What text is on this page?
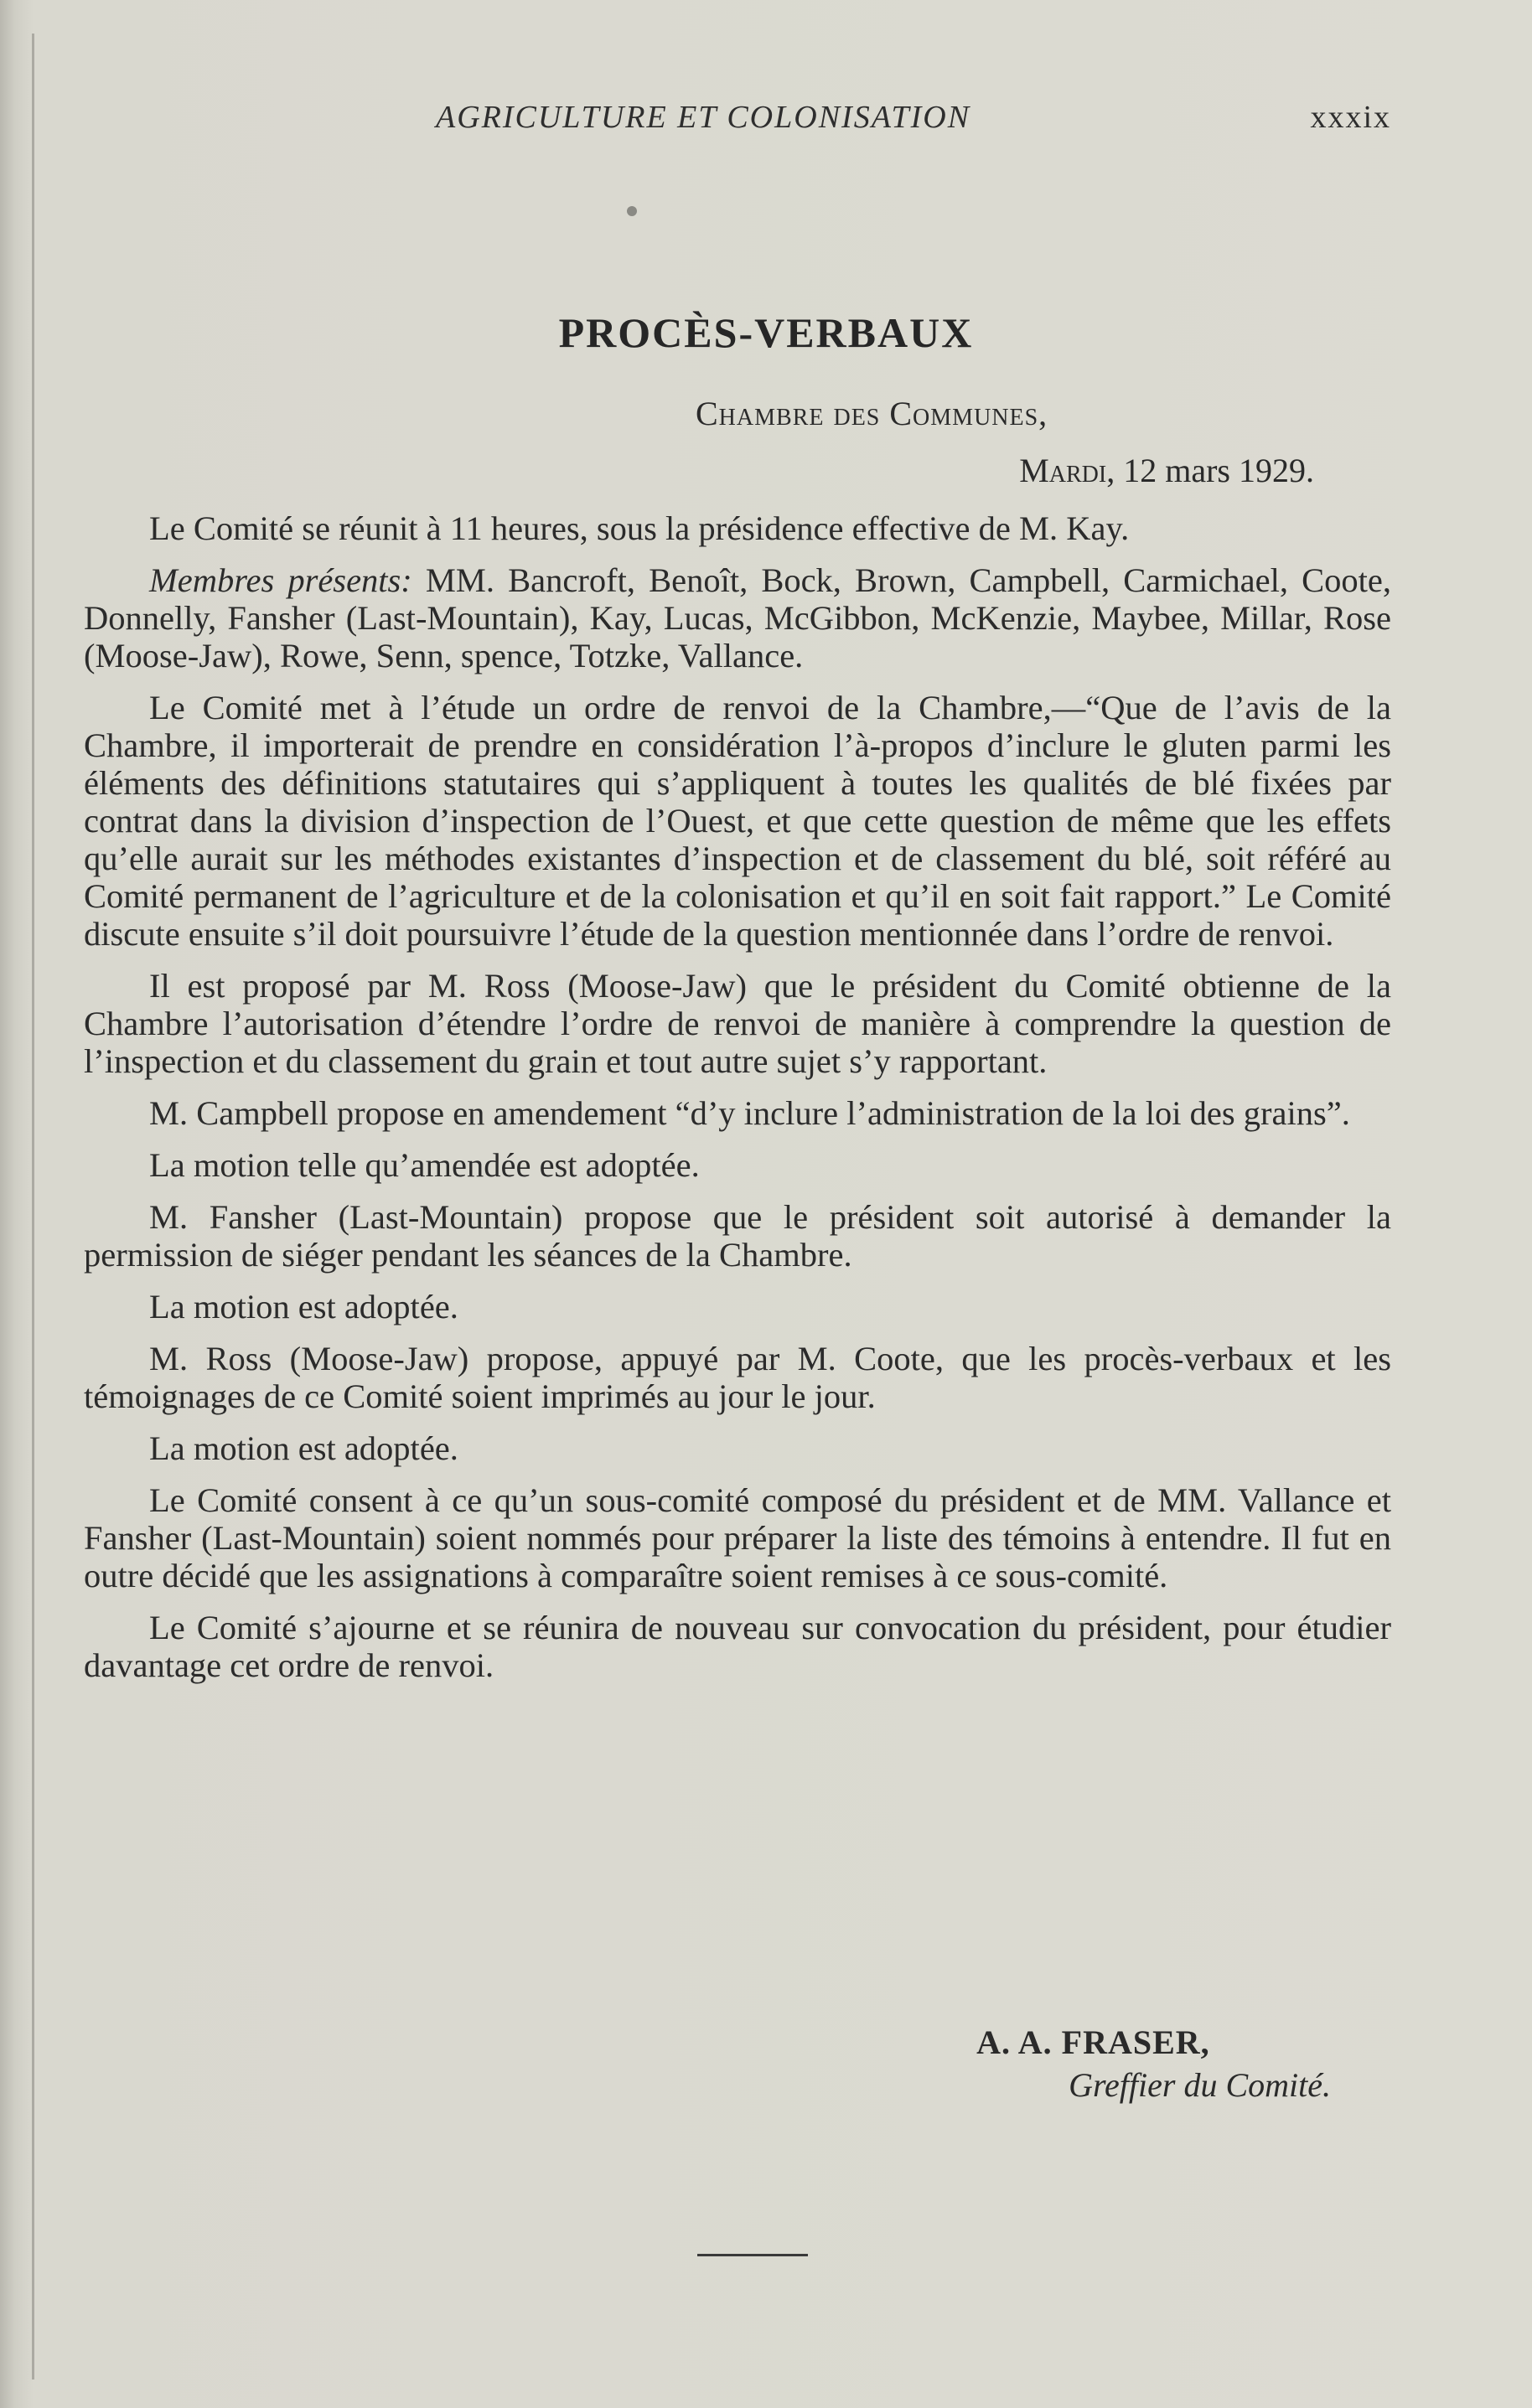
AGRICULTURE ET COLONISATION	xxxix
PROCÈS-VERBAUX
Chambre des Communes,
Mardi, 12 mars 1929.

Le Comité se réunit à 11 heures, sous la présidence effective de M. Kay.

Membres présents: MM. Bancroft, Benoît, Bock, Brown, Campbell, Carmichael, Coote, Donnelly, Fansher (Last-Mountain), Kay, Lucas, McGibbon, McKenzie, Maybee, Millar, Rose (Moose-Jaw), Rowe, Senn, spence, Totzke, Vallance.

Le Comité met à l’étude un ordre de renvoi de la Chambre,—“Que de l’avis de la Chambre, il importerait de prendre en considération l’à-propos d’inclure le gluten parmi les éléments des définitions statutaires qui s’appliquent à toutes les qualités de blé fixées par contrat dans la division d’inspection de l’Ouest, et que cette question de même que les effets qu’elle aurait sur les méthodes existantes d’inspection et de classement du blé, soit référé au Comité permanent de l’agriculture et de la colonisation et qu’il en soit fait rapport.” Le Comité discute ensuite s’il doit poursuivre l’étude de la question mentionnée dans l’ordre de renvoi.

Il est proposé par M. Ross (Moose-Jaw) que le président du Comité obtienne de la Chambre l’autorisation d’étendre l’ordre de renvoi de manière à comprendre la question de l’inspection et du classement du grain et tout autre sujet s’y rapportant.

M. Campbell propose en amendement “d’y inclure l’administration de la loi des grains”.

La motion telle qu’amendée est adoptée.

M. Fansher (Last-Mountain) propose que le président soit autorisé à demander la permission de siéger pendant les séances de la Chambre.

La motion est adoptée.

M. Ross (Moose-Jaw) propose, appuyé par M. Coote, que les procès-verbaux et les témoignages de ce Comité soient imprimés au jour le jour.

La motion est adoptée.

Le Comité consent à ce qu’un sous-comité composé du président et de MM. Vallance et Fansher (Last-Mountain) soient nommés pour préparer la liste des témoins à entendre. Il fut en outre décidé que les assignations à comparaître soient remises à ce sous-comité.

Le Comité s’ajourne et se réunira de nouveau sur convocation du président, pour étudier davantage cet ordre de renvoi.

A. A. FRASER,
Greffier du Comité.
